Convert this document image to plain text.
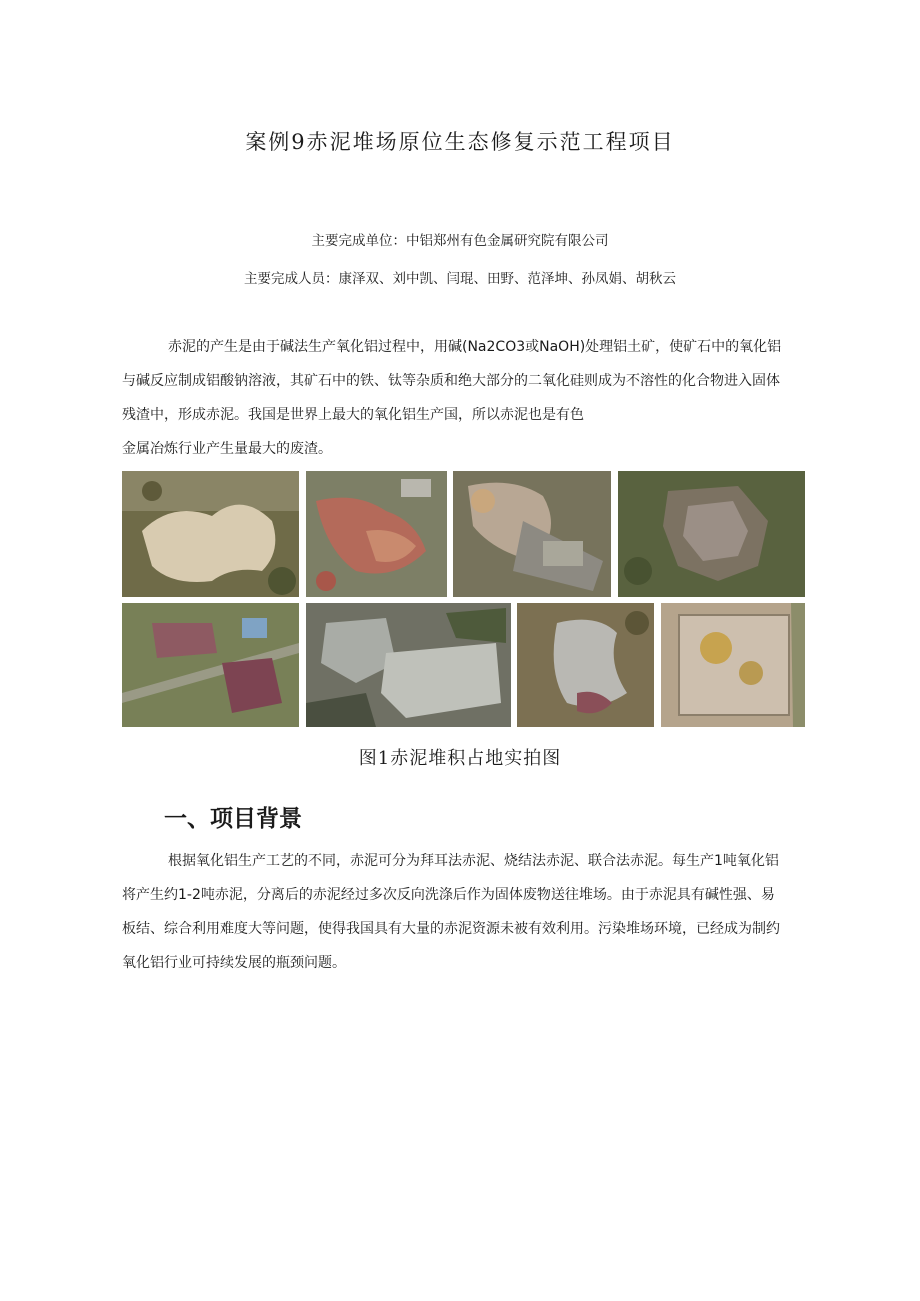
案例9赤泥堆场原位生态修复示范工程项目
主要完成单位：中铝郑州有色金属研究院有限公司
主要完成人员：康泽双、刘中凯、闫琨、田野、范泽坤、孙凤娟、胡秋云
赤泥的产生是由于碱法生产氧化铝过程中，用碱(Na2CO3或NaOH)处理铝土矿，使矿石中的氧化铝
与碱反应制成铝酸钠溶液，其矿石中的铁、钛等杂质和绝大部分的二氧化硅则成为不溶性的化合物进入固体
残渣中，形成赤泥。我国是世界上最大的氧化铝生产国，所以赤泥也是有色
金属冶炼行业产生量最大的废渣。
图1赤泥堆积占地实拍图
一、项目背景
根据氧化铝生产工艺的不同，赤泥可分为拜耳法赤泥、烧结法赤泥、联合法赤泥。每生产1吨氧化铝
将产生约1-2吨赤泥，分离后的赤泥经过多次反向洗涤后作为固体废物送往堆场。由于赤泥具有碱性强、易
板结、综合利用难度大等问题，使得我国具有大量的赤泥资源未被有效利用。污染堆场环境，已经成为制约
氧化铝行业可持续发展的瓶颈问题。
